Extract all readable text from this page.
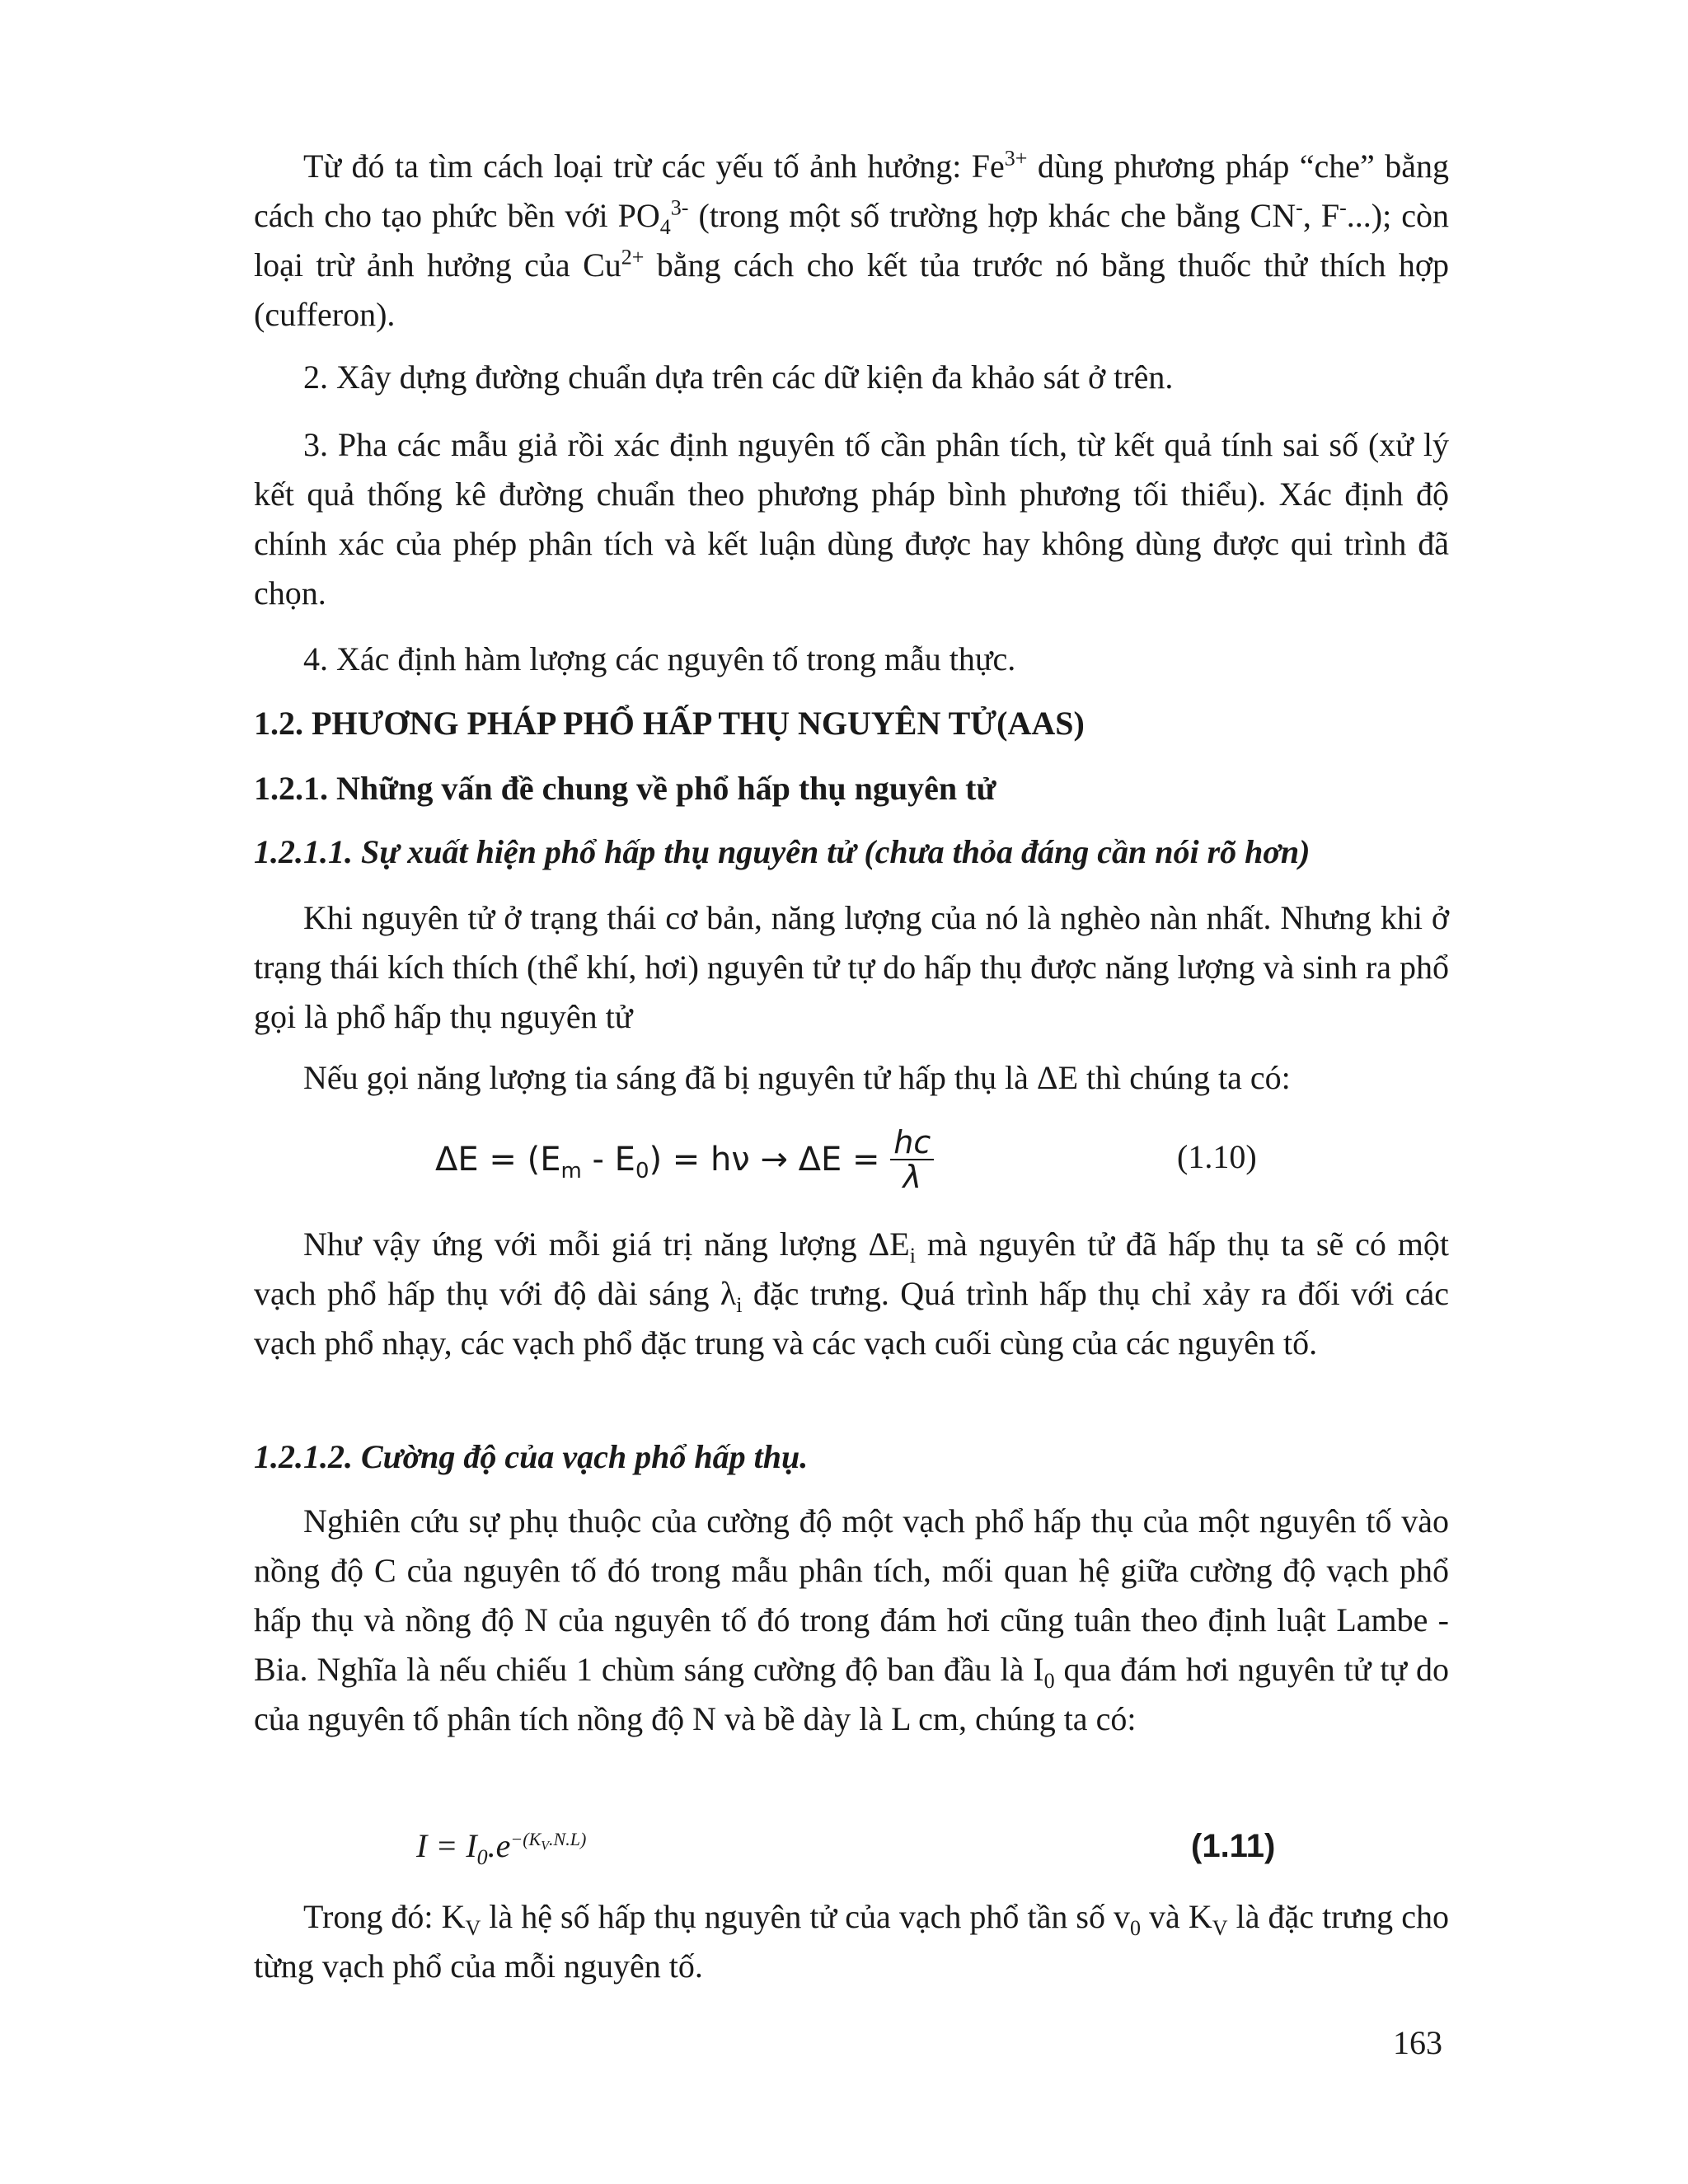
Từ đó ta tìm cách loại trừ các yếu tố ảnh hưởng: $Fe^{3+}$ dùng phương pháp “che” bằng cách cho tạo phức bền với $PO_4^{3-}$ (trong một số trường hợp khác che bằng CN-, F-...); còn loại trừ ảnh hưởng của $Cu^{2+}$ bằng cách cho kết tủa trước nó bằng thuốc thử thích hợp (cufferon).

2. Xây dựng đường chuẩn dựa trên các dữ kiện đa khảo sát ở trên.

3. Pha các mẫu giả rồi xác định nguyên tố cần phân tích, từ kết quả tính sai số (xử lý kết quả thống kê đường chuẩn theo phương pháp bình phương tối thiểu). Xác định độ chính xác của phép phân tích và kết luận dùng được hay không dùng được qui trình đã chọn.

4. Xác định hàm lượng các nguyên tố trong mẫu thực.

1.2. PHƯƠNG PHÁP PHỔ HẤP THỤ NGUYÊN TỬ(AAS)

1.2.1. Những vấn đề chung về phổ hấp thụ nguyên tử

1.2.1.1. Sự xuất hiện phổ hấp thụ nguyên tử (chưa thỏa đáng cần nói rõ hơn)

Khi nguyên tử ở trạng thái cơ bản, năng lượng của nó là nghèo nàn nhất. Nhưng khi ở trạng thái kích thích (thể khí, hơi) nguyên tử tự do hấp thụ được năng lượng và sinh ra phổ gọi là phổ hấp thụ nguyên tử

Nếu gọi năng lượng tia sáng đã bị nguyên tử hấp thụ là ΔE thì chúng ta có:

$\Delta E = (E_m - E_0) = h\nu \to \Delta E = \frac{hc}{\lambda}$	(1.10)

Như vậy ứng với mỗi giá trị năng lượng $\Delta E_i$ mà nguyên tử đã hấp thụ ta sẽ có một vạch phổ hấp thụ với độ dài sáng $\lambda_i$ đặc trưng. Quá trình hấp thụ chỉ xảy ra đối với các vạch phổ nhạy, các vạch phổ đặc trung và các vạch cuối cùng của các nguyên tố.

1.2.1.2. Cường độ của vạch phổ hấp thụ.

Nghiên cứu sự phụ thuộc của cường độ một vạch phổ hấp thụ của một nguyên tố vào nồng độ C của nguyên tố đó trong mẫu phân tích, mối quan hệ giữa cường độ vạch phổ hấp thụ và nồng độ N của nguyên tố đó trong đám hơi cũng tuân theo định luật Lambe - Bia. Nghĩa là nếu chiếu 1 chùm sáng cường độ ban đầu là $I_0$ qua đám hơi nguyên tử tự do của nguyên tố phân tích nồng độ N và bề dày là L cm, chúng ta có:

$I = I_0.e^{-(K_V.N.L)}$	(1.11)

Trong đó: $K_V$ là hệ số hấp thụ nguyên tử của vạch phổ tần số $v_0$ và $K_V$ là đặc trưng cho từng vạch phổ của mỗi nguyên tố.

163
